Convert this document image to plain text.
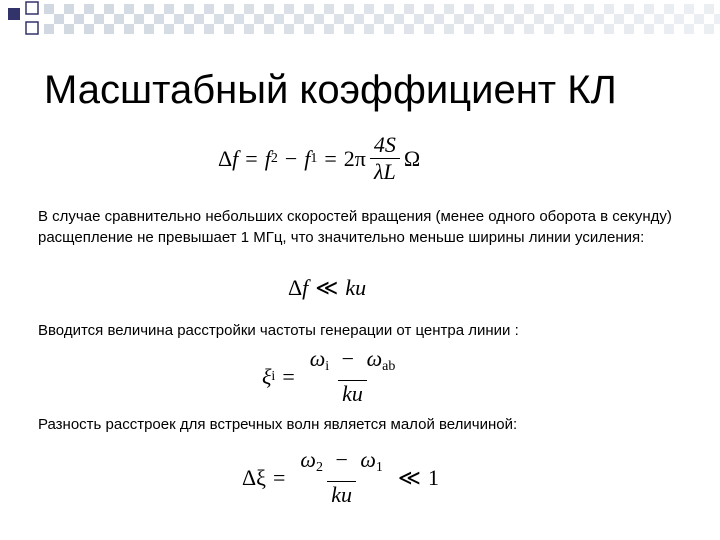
Масштабный коэффициент КЛ
Δ f = f 2 − f $1 = 2\pi \frac{4S}{\lambda L}$ Ω
В случае сравнительно небольших скоростей вращения (менее одного оборота в секунду) расщепление не превышает 1 МГц, что значительно меньше ширины линии усиления:
Δ f ≪ ku
Вводится величина расстройки частоты генерации от центра линии :
ξ $i = \frac{\omega_i - \omega_{ab}}{ku}$
Разность расстроек для встречных волн является малой величиной:
$\Delta\xi = \frac{\omega_2 - \omega_1}{ku}$ ≪ 1
